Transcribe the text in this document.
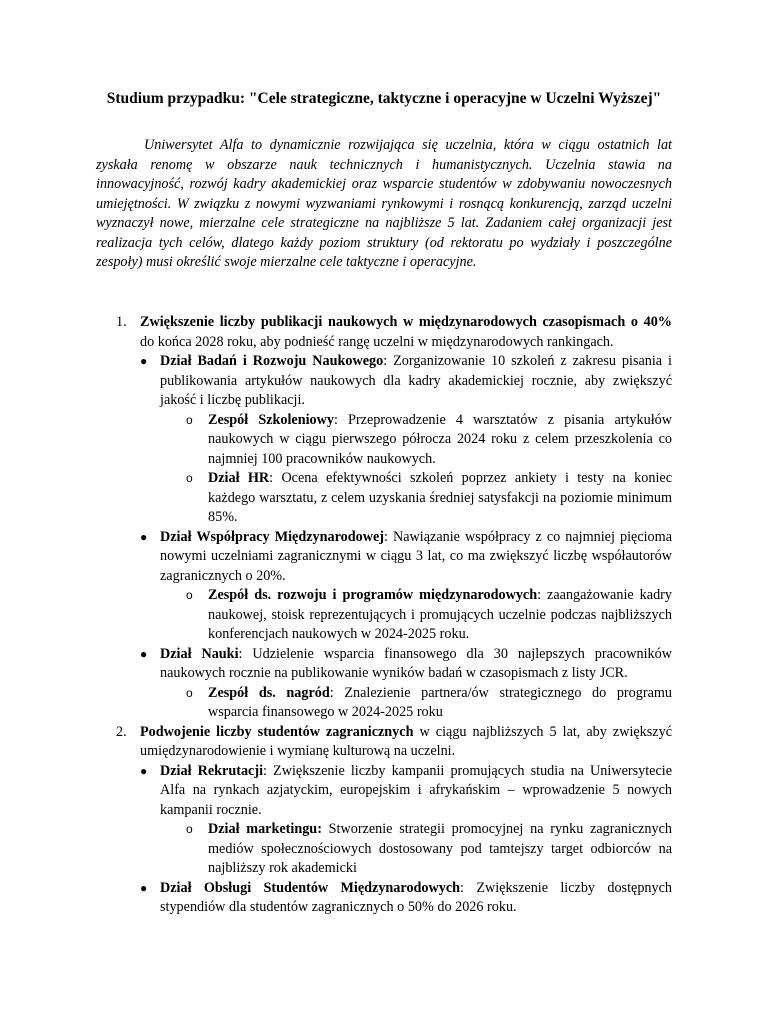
Studium przypadku: "Cele strategiczne, taktyczne i operacyjne w Uczelni Wyższej"
Uniwersytet Alfa to dynamicznie rozwijająca się uczelnia, która w ciągu ostatnich lat zyskała renomę w obszarze nauk technicznych i humanistycznych. Uczelnia stawia na innowacyjność, rozwój kadry akademickiej oraz wsparcie studentów w zdobywaniu nowoczesnych umiejętności. W związku z nowymi wyzwaniami rynkowymi i rosnącą konkurencją, zarząd uczelni wyznaczył nowe, mierzalne cele strategiczne na najbliższe 5 lat. Zadaniem całej organizacji jest realizacja tych celów, dlatego każdy poziom struktury (od rektoratu po wydziały i poszczególne zespoły) musi określić swoje mierzalne cele taktyczne i operacyjne.
1. Zwiększenie liczby publikacji naukowych w międzynarodowych czasopismach o 40% do końca 2028 roku, aby podnieść rangę uczelni w międzynarodowych rankingach.
● Dział Badań i Rozwoju Naukowego: Zorganizowanie 10 szkoleń z zakresu pisania i publikowania artykułów naukowych dla kadry akademickiej rocznie, aby zwiększyć jakość i liczbę publikacji.
o Zespół Szkoleniowy: Przeprowadzenie 4 warsztatów z pisania artykułów naukowych w ciągu pierwszego półrocza 2024 roku z celem przeszkolenia co najmniej 100 pracowników naukowych.
o Dział HR: Ocena efektywności szkoleń poprzez ankiety i testy na koniec każdego warsztatu, z celem uzyskania średniej satysfakcji na poziomie minimum 85%.
● Dział Współpracy Międzynarodowej: Nawiązanie współpracy z co najmniej pięcioma nowymi uczelniami zagranicznymi w ciągu 3 lat, co ma zwiększyć liczbę współautorów zagranicznych o 20%.
o Zespół ds. rozwoju i programów międzynarodowych: zaangażowanie kadry naukowej, stoisk reprezentujących i promujących uczelnie podczas najbliższych konferencjach naukowych w 2024-2025 roku.
● Dział Nauki: Udzielenie wsparcia finansowego dla 30 najlepszych pracowników naukowych rocznie na publikowanie wyników badań w czasopismach z listy JCR.
o Zespół ds. nagród: Znalezienie partnera/ów strategicznego do programu wsparcia finansowego w 2024-2025 roku
2. Podwojenie liczby studentów zagranicznych w ciągu najbliższych 5 lat, aby zwiększyć umiędzynarodowienie i wymianę kulturową na uczelni.
● Dział Rekrutacji: Zwiększenie liczby kampanii promujących studia na Uniwersytecie Alfa na rynkach azjatyckim, europejskim i afrykańskim – wprowadzenie 5 nowych kampanii rocznie.
o Dział marketingu: Stworzenie strategii promocyjnej na rynku zagranicznych mediów społecznościowych dostosowany pod tamtejszy target odbiorców na najbliższy rok akademicki
● Dział Obsługi Studentów Międzynarodowych: Zwiększenie liczby dostępnych stypendiów dla studentów zagranicznych o 50% do 2026 roku.
